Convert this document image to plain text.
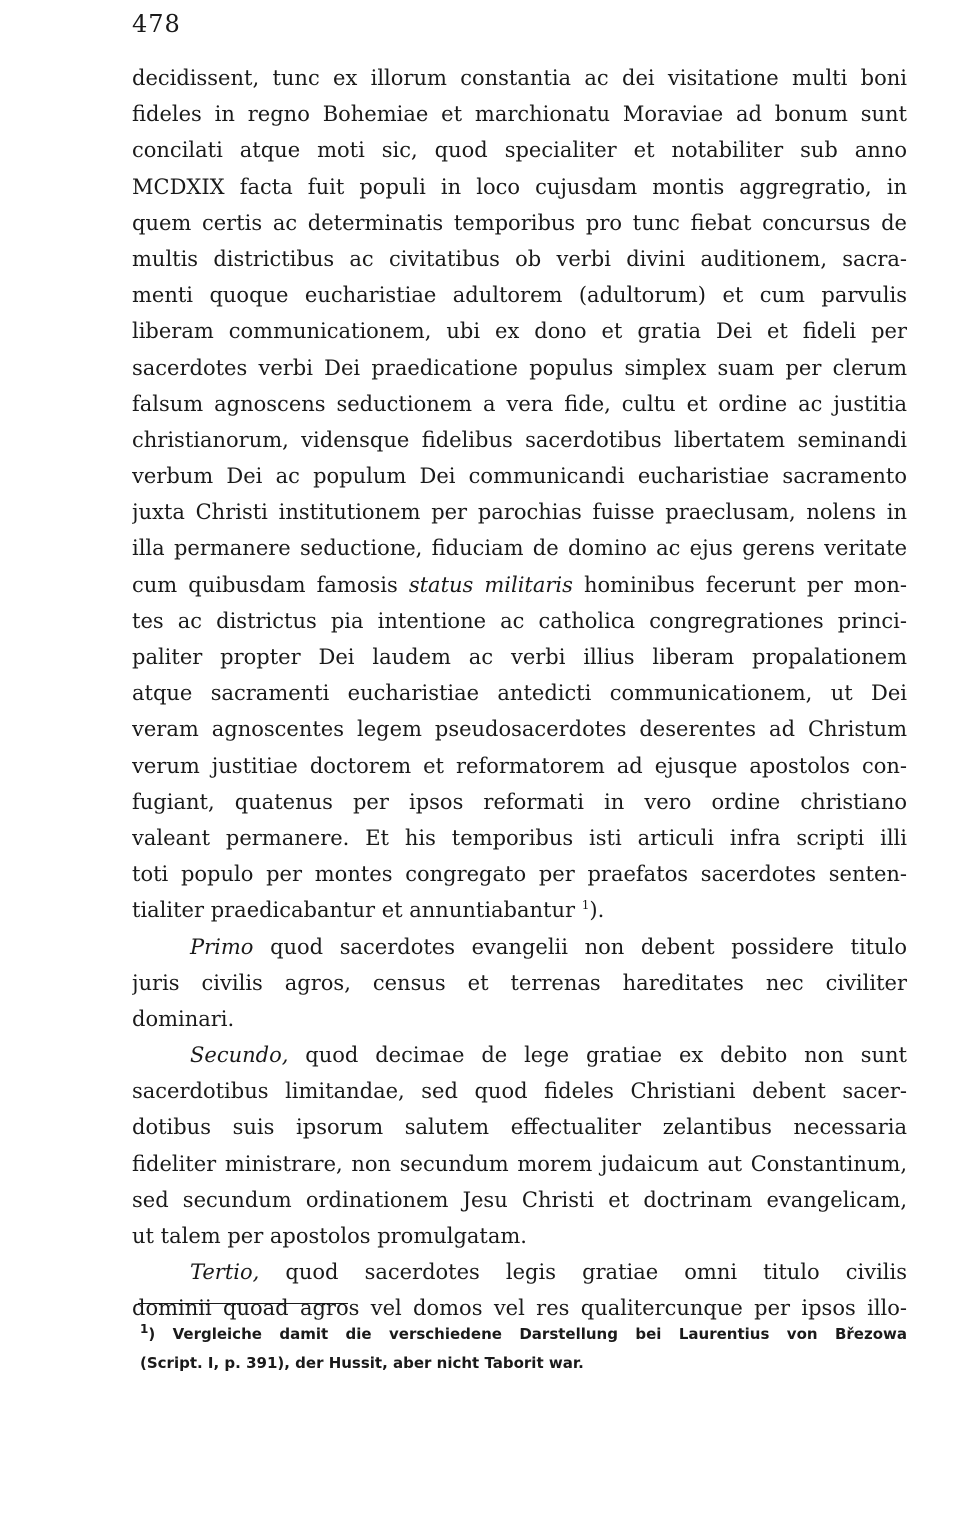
478
decidissent, tunc ex illorum constantia ac dei visitatione multi boni
fideles in regno Bohemiae et marchionatu Moraviae ad bonum sunt
concilati atque moti sic, quod specialiter et notabiliter sub anno
MCDXIX facta fuit populi in loco cujusdam montis aggregratio, in
quem certis ac determinatis temporibus pro tunc fiebat concursus de
multis districtibus ac civitatibus ob verbi divini auditionem, sacra-
menti quoque eucharistiae adultorem (adultorum) et cum parvulis
liberam communicationem, ubi ex dono et gratia Dei et fideli per
sacerdotes verbi Dei praedicatione populus simplex suam per clerum
falsum agnoscens seductionem a vera fide, cultu et ordine ac justitia
christianorum, vidensque fidelibus sacerdotibus libertatem seminandi
verbum Dei ac populum Dei communicandi eucharistiae sacramento
juxta Christi institutionem per parochias fuisse praeclusam, nolens in
illa permanere seductione, fiduciam de domino ac ejus gerens veritate
cum quibusdam famosis status militaris hominibus fecerunt per mon-
tes ac districtus pia intentione ac catholica congregrationes princi-
paliter propter Dei laudem ac verbi illius liberam propalationem
atque sacramenti eucharistiae antedicti communicationem, ut Dei
veram agnoscentes legem pseudosacerdotes deserentes ad Christum
verum justitiae doctorem et reformatorem ad ejusque apostolos con-
fugiant, quatenus per ipsos reformati in vero ordine christiano
valeant permanere. Et his temporibus isti articuli infra scripti illi
toti populo per montes congregato per praefatos sacerdotes senten-
tialiter praedicabantur et annuntiabantur $^1$).
Primo quod sacerdotes evangelii non debent possidere titulo
juris civilis agros, census et terrenas hareditates nec civiliter
dominari.
Secundo, quod decimae de lege gratiae ex debito non sunt
sacerdotibus limitandae, sed quod fideles Christiani debent sacer-
dotibus suis ipsorum salutem effectualiter zelantibus necessaria
fideliter ministrare, non secundum morem judaicum aut Constantinum,
sed secundum ordinationem Jesu Christi et doctrinam evangelicam,
ut talem per apostolos promulgatam.
Tertio, quod sacerdotes legis gratiae omni titulo civilis
dominii quoad agros vel domos vel res qualitercunque per ipsos illo-
$^1$) Vergleiche damit die verschiedene Darstellung bei Laurentius von Březowa
(Script. I, p. 391), der Hussit, aber nicht Taborit war.
